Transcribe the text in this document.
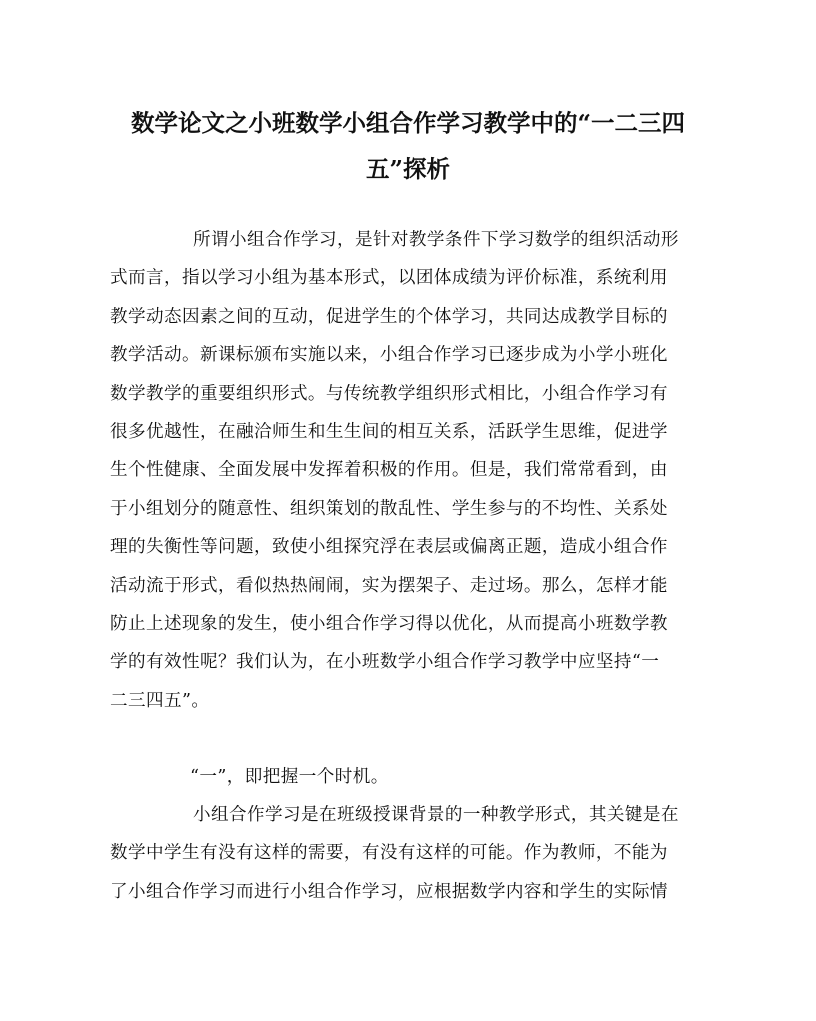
数学论文之小班数学小组合作学习教学中的“一二三四
五”探析

所谓小组合作学习，是针对教学条件下学习数学的组织活动形
式而言，指以学习小组为基本形式，以团体成绩为评价标准，系统利用
教学动态因素之间的互动，促进学生的个体学习，共同达成教学目标的
教学活动。新课标颁布实施以来，小组合作学习已逐步成为小学小班化
数学教学的重要组织形式。与传统教学组织形式相比，小组合作学习有
很多优越性，在融洽师生和生生间的相互关系，活跃学生思维，促进学
生个性健康、全面发展中发挥着积极的作用。但是，我们常常看到，由
于小组划分的随意性、组织策划的散乱性、学生参与的不均性、关系处
理的失衡性等问题，致使小组探究浮在表层或偏离正题，造成小组合作
活动流于形式，看似热热闹闹，实为摆架子、走过场。那么，怎样才能
防止上述现象的发生，使小组合作学习得以优化，从而提高小班数学教
学的有效性呢？我们认为，在小班数学小组合作学习教学中应坚持“一
二三四五”。

“一”，即把握一个时机。

小组合作学习是在班级授课背景的一种教学形式，其关键是在
数学中学生有没有这样的需要，有没有这样的可能。作为教师，不能为
了小组合作学习而进行小组合作学习，应根据数学内容和学生的实际情
